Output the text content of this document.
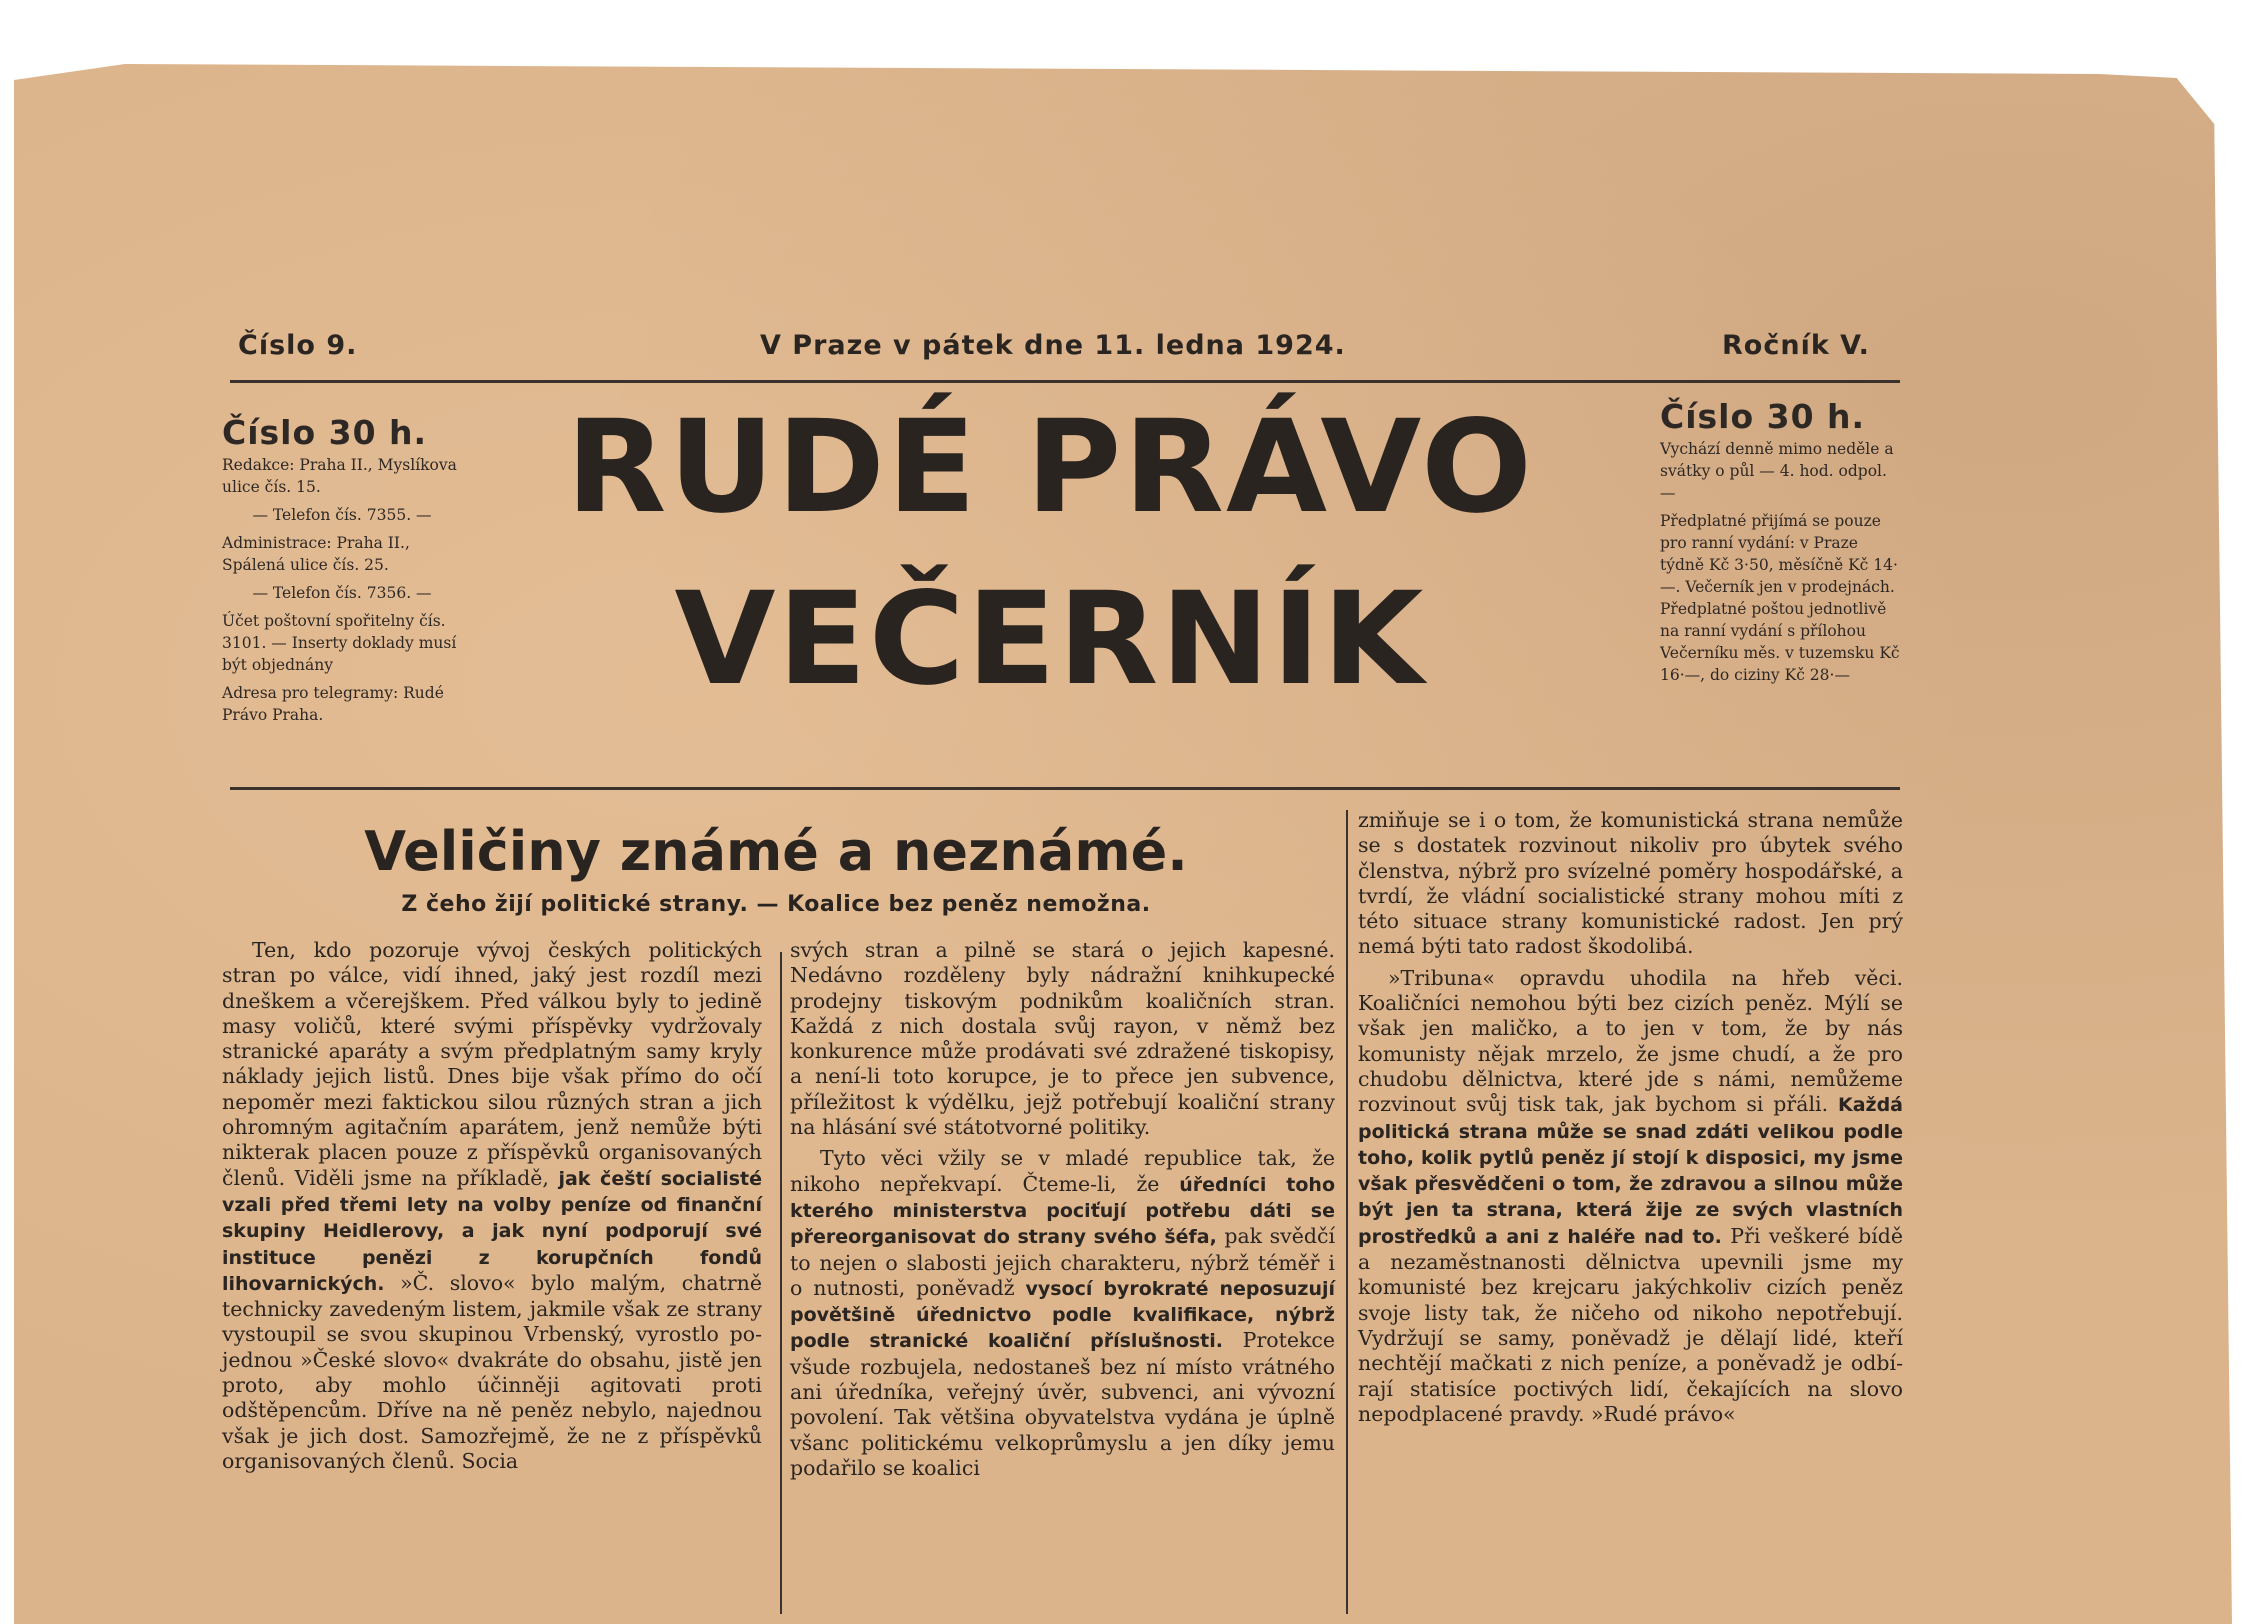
Číslo 9.	V Praze v pátek dne 11. ledna 1924.	Ročník V.
Číslo 30 h.

Redakce: Praha II., Myslíkova ulice čís. 15.

— Telefon čís. 7355. —

Administrace: Praha II., Spálená ulice čís. 25.

— Telefon čís. 7356. —

Účet poštovní spořitelny čís. 3101. — Inserty doklady musí být objednány

Adresa pro telegramy: Rudé Právo Praha.

RUDÉ PRÁVO
VEČERNÍK
Číslo 30 h.

Vychází denně mimo neděle a svátky o půl — 4. hod. odpol. —

Předplatné přijímá se pouze pro ranní vydání: v Praze týdně Kč 3·50, měsíčně Kč 14·—. Večerník jen v prodejnách. Předplatné poštou jednotlivě na ranní vydání s přílohou Večerníku měs. v tuzemsku Kč 16·—, do ciziny Kč 28·—

Veličiny známé a neznámé.
Z čeho žijí politické strany. — Koalice bez peněz nemožna.

Ten, kdo pozoruje vývoj českých politických stran po válce, vidí ihned, jaký jest rozdíl mezi dneškem a včerejškem. Před válkou byly to jedině masy voličů, které svými příspěvky vydržovaly stranické aparáty a svým předplatným samy kryly náklady jejich listů. Dnes bije však přímo do očí nepoměr mezi faktickou silou různých stran a jich ohromným agitačním aparátem, jenž nemůže býti nikterak placen pouze z příspěvků organisovaných členů. Viděli jsme na příkladě, jak čeští socialisté vzali před třemi lety na volby peníze od finanční skupiny Heidlerovy, a jak nyní podporují své instituce penězi z korupčních fondů lihovarnických. »Č. slovo« bylo malým, chatrně technicky zavedeným listem, jakmile však ze strany vystoupil se svou skupinou Vrbenský, vyrostlo pojednou »České slovo« dvakráte do obsahu, jistě jen proto, aby mohlo účinněji agitovati proti odštěpencům. Dříve na ně peněz nebylo, najednou však je jich dost. Samozřejmě, že ne z příspěvků organisovaných členů. Socia

svých stran a pilně se stará o jejich kapesné. Nedávno rozděleny byly nádražní knihkupecké prodejny tiskovým podnikům koaličních stran. Každá z nich dostala svůj rayon, v němž bez konkurence může prodávati své zdražené tiskopisy, a není-li toto korupce, je to přece jen subvence, příležitost k výdělku, jejž potřebují koaliční strany na hlásání své státotvorné politiky.

Tyto věci vžily se v mladé republice tak, že nikoho nepřekvapí. Čteme-li, že úředníci toho kterého ministerstva pociťují potřebu dáti se přereorganisovat do strany svého šéfa, pak svědčí to nejen o slabosti jejich charakteru, nýbrž téměř i o nutnosti, poněvadž vysocí byrokraté neposuzují povětšině úřednictvo podle kvalifikace, nýbrž podle stranické koaliční příslušnosti. Protekce všude rozbujela, nedostaneš bez ní místo vrátného ani úředníka, veřejný úvěr, subvenci, ani vývozní povolení. Tak většina obyvatelstva vydána je úplně všanc politickému velkoprůmyslu a jen díky jemu podařilo se koalici

zmiňuje se i o tom, že komunistická strana nemůže se s dostatek rozvinout nikoliv pro úbytek svého členstva, nýbrž pro svízelné poměry hospodářské, a tvrdí, že vládní socialistické strany mohou míti z této situace strany komunistické radost. Jen prý nemá býti tato radost škodolibá.

»Tribuna« opravdu uhodila na hřeb věci. Koaličníci nemohou býti bez cizích peněz. Mýlí se však jen maličko, a to jen v tom, že by nás komunisty nějak mrzelo, že jsme chudí, a že pro chudobu dělnictva, které jde s námi, nemůžeme rozvinout svůj tisk tak, jak bychom si přáli. Každá politická strana může se snad zdáti velikou podle toho, kolik pytlů peněz jí stojí k disposici, my jsme však přesvědčeni o tom, že zdravou a silnou může být jen ta strana, která žije ze svých vlastních prostředků a ani z haléře nad to. Při veškeré bídě a nezaměstnanosti dělnictva upevnili jsme my komunisté bez krejcaru jakýchkoliv cizích peněz svoje listy tak, že ničeho od nikoho nepotřebují. Vydržují se samy, poněvadž je dělají lidé, kteří nechtějí mačkati z nich peníze, a poněvadž je odbírají statisíce poctivých lidí, čekajících na slovo nepodplacené pravdy. »Rudé právo«
